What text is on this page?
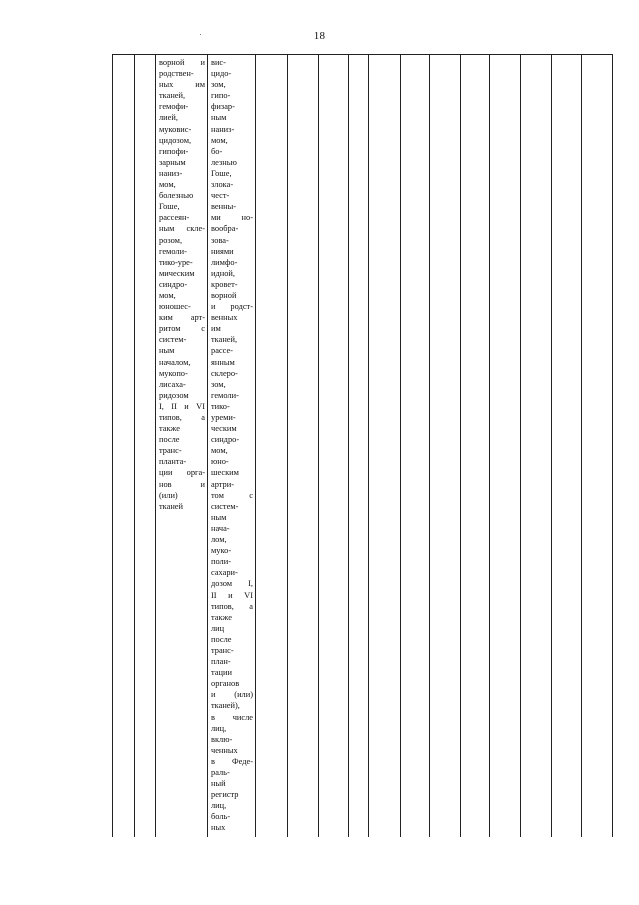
18
ворной и
родствен-
ных им
тканей,
гемофи-
лией,
муковис-
цидозом,
гипофи-
зарным
наниз-
мом,
болезнью
Гоше,
рассеян-
ным скле-
розом,
гемоли-
тико-уре-
мическим
синдро-
мом,
юношес-
ким арт-
ритом с
систем-
ным
началом,
мукопо-
лисаха-
ридозом
I, II и VI
типов, а
также
после
транс-
планта-
ции орга-
нов и
(или)
тканей
вис-
цидо-
зом,
гипо-
физар-
ным
наниз-
мом,
бо-
лезнью
Гоше,
злока-
чест-
венны-
ми но-
вообра-
зова-
ниями
лимфо-
идной,
кровет-
ворной
и родст-
венных
им
тканей,
рассе-
янным
склеро-
зом,
гемоли-
тико-
уреми-
ческим
синдро-
мом,
юно-
шеским
артри-
том с
систем-
ным
нача-
лом,
муко-
поли-
сахари-
дозом I,
II и VI
типов, а
также
лиц
после
транс-
план-
тации
органов
и (или)
тканей),
в числе
лиц,
вклю-
ченных
в Феде-
раль-
ный
регистр
лиц,
боль-
ных
